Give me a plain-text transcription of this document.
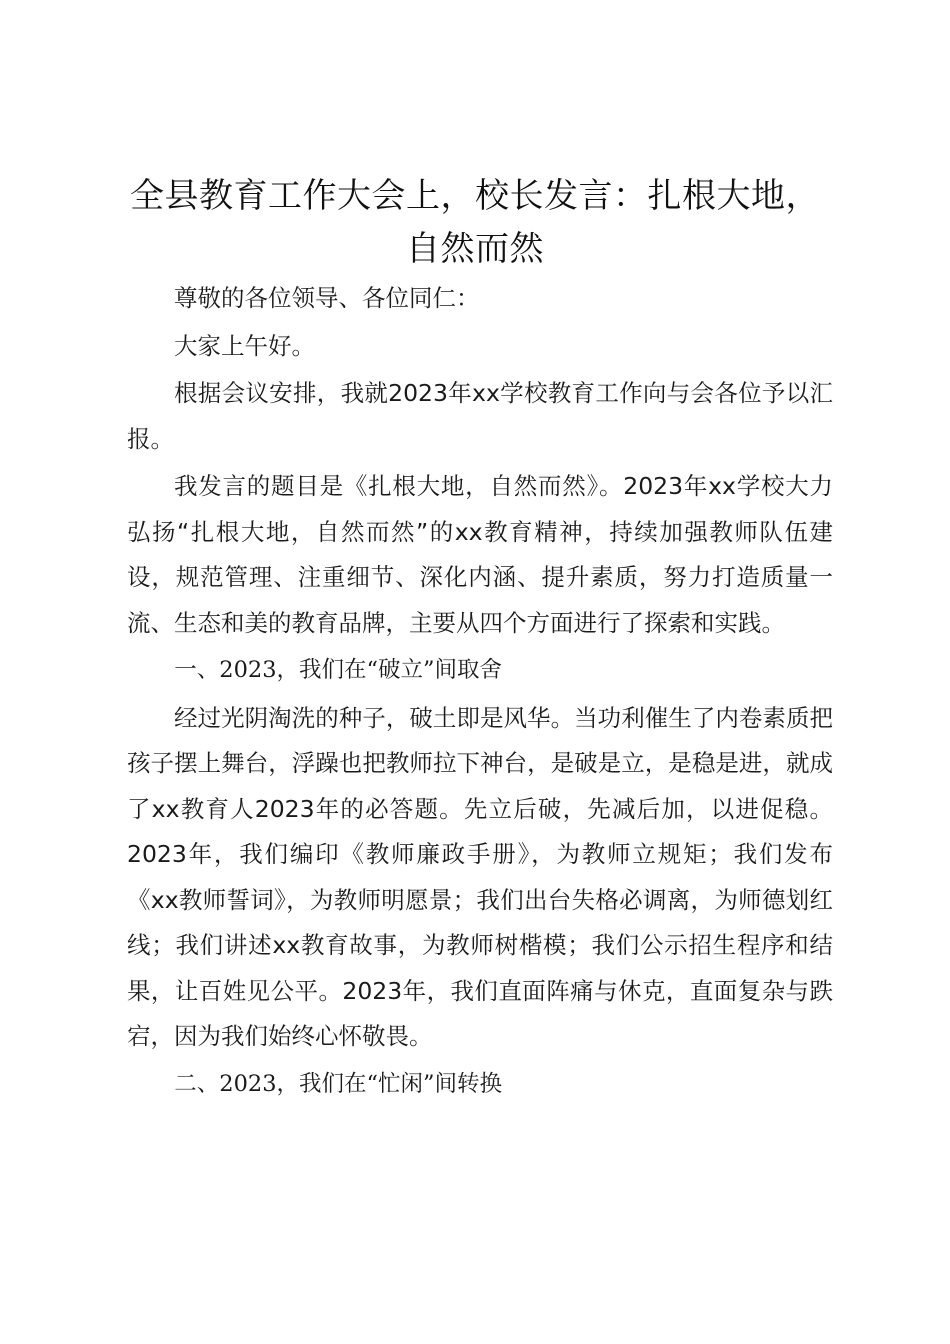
全县教育工作大会上，校长发言：扎根大地，自然而然

尊敬的各位领导、各位同仁：

大家上午好。

根据会议安排，我就2023年xx学校教育工作向与会各位予以汇报。

我发言的题目是《扎根大地，自然而然》。2023年xx学校大力弘扬“扎根大地，自然而然”的xx教育精神，持续加强教师队伍建设，规范管理、注重细节、深化内涵、提升素质，努力打造质量一流、生态和美的教育品牌，主要从四个方面进行了探索和实践。

一、2023，我们在“破立”间取舍

经过光阴淘洗的种子，破土即是风华。当功利催生了内卷素质把孩子摆上舞台，浮躁也把教师拉下神台，是破是立，是稳是进，就成了xx教育人2023年的必答题。先立后破，先减后加，以进促稳。2023年，我们编印《教师廉政手册》，为教师立规矩；我们发布《xx教师誓词》，为教师明愿景；我们出台失格必调离，为师德划红线；我们讲述xx教育故事，为教师树楷模；我们公示招生程序和结果，让百姓见公平。2023年，我们直面阵痛与休克，直面复杂与跌宕，因为我们始终心怀敬畏。

二、2023，我们在“忙闲”间转换
